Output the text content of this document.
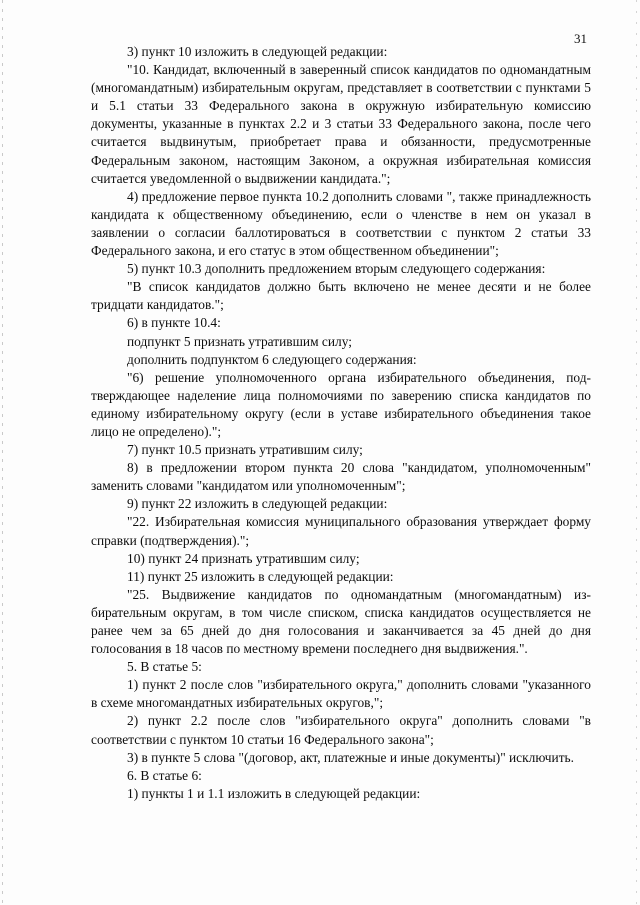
31

3) пункт 10 изложить в следующей редакции:

"10. Кандидат, включенный в заверенный список кандидатов по одномандатным (многомандатным) избирательным округам, представляет в соответствии с пунктами 5 и 5.1 статьи 33 Федерального закона в окружную избирательную комиссию документы, указанные в пунктах 2.2 и 3 статьи 33 Федерального закона, после чего считается выдвинутым, приобретает права и обязанности, предусмотренные Федеральным законом, настоящим Законом, а окружная избирательная комиссия считается уведомленной о выдвижении кандидата.";

4) предложение первое пункта 10.2 дополнить словами ", также принадлежность кандидата к общественному объединению, если о членстве в нем он указал в заявлении о согласии баллотироваться в соответствии с пунктом 2 статьи 33 Федерального закона, и его статус в этом общественном объединении";

5) пункт 10.3 дополнить предложением вторым следующего содержания:

"В список кандидатов должно быть включено не менее десяти и не более тридцати кандидатов.";

6) в пункте 10.4:

подпункт 5 признать утратившим силу;

дополнить подпунктом 6 следующего содержания:

"6) решение уполномоченного органа избирательного объединения, подтверждающее наделение лица полномочиями по заверению списка кандидатов по единому избирательному округу (если в уставе избирательного объединения такое лицо не определено).";

7) пункт 10.5 признать утратившим силу;

8) в предложении втором пункта 20 слова "кандидатом, уполномоченным" заменить словами "кандидатом или уполномоченным";

9) пункт 22 изложить в следующей редакции:

"22. Избирательная комиссия муниципального образования утверждает форму справки (подтверждения).";

10) пункт 24 признать утратившим силу;

11) пункт 25 изложить в следующей редакции:

"25. Выдвижение кандидатов по одномандатным (многомандатным) избирательным округам, в том числе списком, списка кандидатов осуществляется не ранее чем за 65 дней до дня голосования и заканчивается за 45 дней до дня голосования в 18 часов по местному времени последнего дня выдвижения.".

5. В статье 5:

1) пункт 2 после слов "избирательного округа," дополнить словами "указанного в схеме многомандатных избирательных округов,";

2) пункт 2.2 после слов "избирательного округа" дополнить словами "в соответствии с пунктом 10 статьи 16 Федерального закона";

3) в пункте 5 слова "(договор, акт, платежные и иные документы)" исключить.

6. В статье 6:

1) пункты 1 и 1.1 изложить в следующей редакции:
